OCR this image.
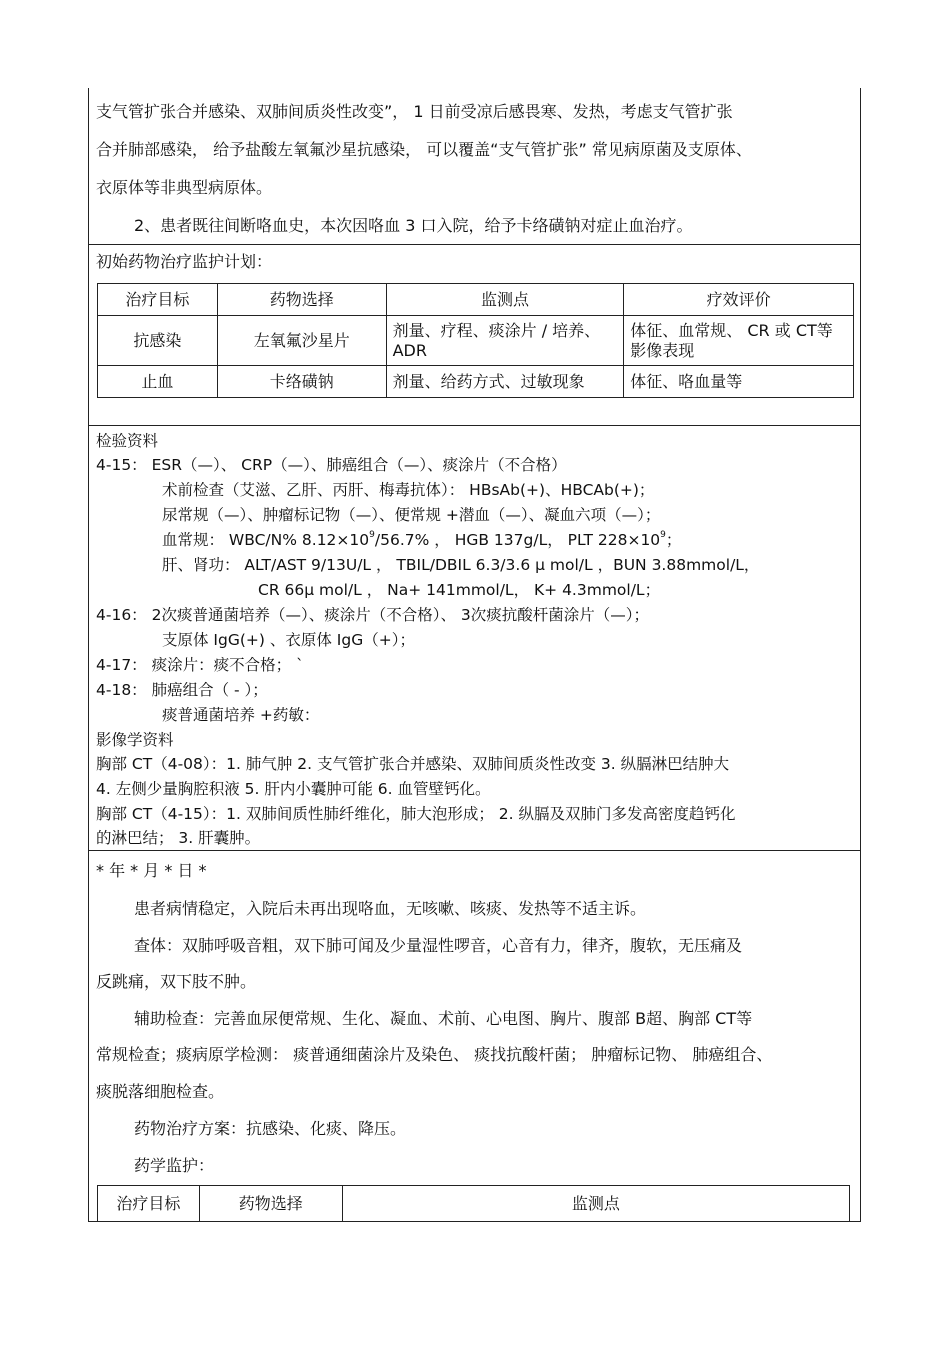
支气管扩张合并感染、双肺间质炎性改变”， 1 日前受凉后感畏寒、发热，考虑支气管扩张
合并肺部感染， 给予盐酸左氧氟沙星抗感染， 可以覆盖“支气管扩张” 常见病原菌及支原体、
衣原体等非典型病原体。
2、患者既往间断咯血史，本次因咯血 3 口入院，给予卡络磺钠对症止血治疗。
初始药物治疗监护计划：
治疗目标	药物选择	监测点	疗效评价
抗感染	左氧氟沙星片	剂量、疗程、痰涂片 / 培养、ADR	体征、血常规、 CR 或 CT等影像表现
止血	卡络磺钠	剂量、给药方式、过敏现象	体征、咯血量等
检验资料
4-15： ESR（—）、 CRP（—）、肺癌组合（—）、痰涂片（不合格）
术前检查（艾滋、乙肝、丙肝、梅毒抗体）： HBsAb(+)、HBCAb(+)；
尿常规（—）、肿瘤标记物（—）、便常规 +潜血（—）、凝血六项（—）；
血常规： WBC/N% $8.12\times 10^9/56.7\%$ ， HGB 137g/L， PLT $228\times 10^9$；
肝、肾功： ALT/AST 9/13U/L ， TBIL/DBIL 6.3/3.6 μ mol/L ，BUN 3.88mmol/L，
CR 66μ mol/L ， Na+ 141mmol/L， K+ 4.3mmol/L；
4-16： 2次痰普通菌培养（—）、痰涂片（不合格）、 3次痰抗酸杆菌涂片（—）；
支原体 IgG(+) 、衣原体 IgG（+）；
4-17： 痰涂片：痰不合格； `
4-18： 肺癌组合（ - ）；
痰普通菌培养 +药敏：
影像学资料
胸部 CT（4-08）：1. 肺气肿 2. 支气管扩张合并感染、双肺间质炎性改变 3. 纵膈淋巴结肿大
4. 左侧少量胸腔积液 5. 肝内小囊肿可能 6. 血管壁钙化。
胸部 CT（4-15）：1. 双肺间质性肺纤维化，肺大泡形成； 2. 纵膈及双肺门多发高密度趋钙化
的淋巴结； 3. 肝囊肿。
* 年 * 月 * 日 *
患者病情稳定，入院后未再出现咯血，无咳嗽、咳痰、发热等不适主诉。
查体：双肺呼吸音粗，双下肺可闻及少量湿性啰音，心音有力，律齐，腹软，无压痛及
反跳痛，双下肢不肿。
辅助检查：完善血尿便常规、生化、凝血、术前、心电图、胸片、腹部 B超、胸部 CT等
常规检查；痰病原学检测： 痰普通细菌涂片及染色、 痰找抗酸杆菌； 肿瘤标记物、 肺癌组合、
痰脱落细胞检查。
药物治疗方案：抗感染、化痰、降压。
药学监护：
治疗目标	药物选择	监测点
